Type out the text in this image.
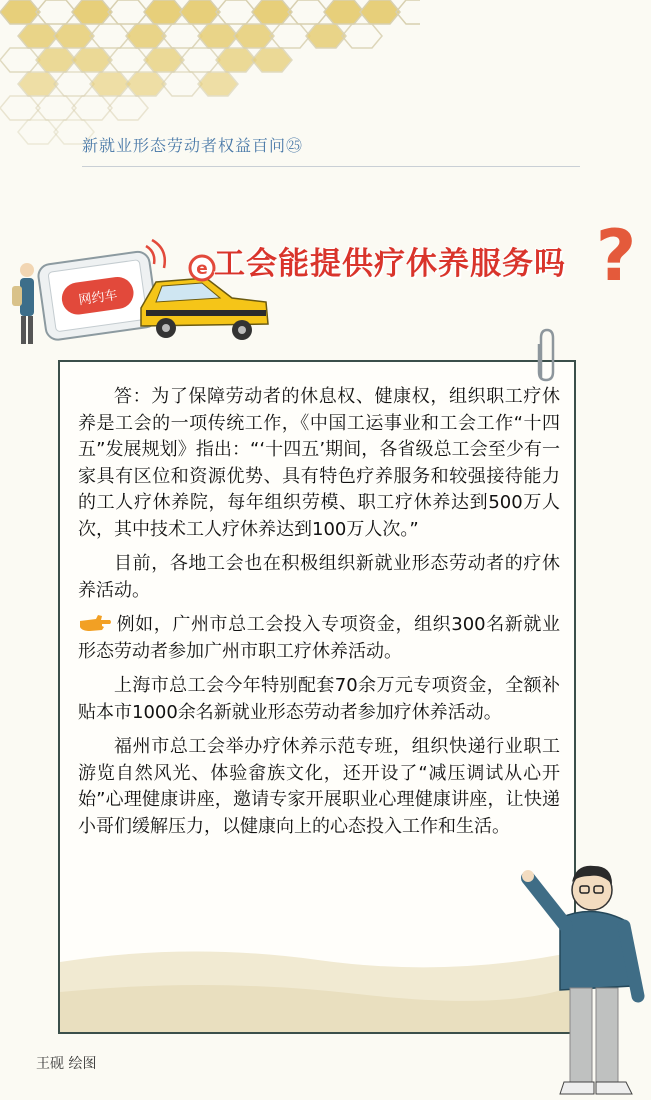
新就业形态劳动者权益百问㉕
网约车
e 工会能提供疗休养服务吗 ?

答：为了保障劳动者的休息权、健康权，组织职工疗休养是工会的一项传统工作，《中国工运事业和工会工作“十四五”发展规划》指出：“‘十四五’期间，各省级总工会至少有一家具有区位和资源优势、具有特色疗养服务和较强接待能力的工人疗休养院，每年组织劳模、职工疗休养达到500万人次，其中技术工人疗休养达到100万人次。”

目前，各地工会也在积极组织新就业形态劳动者的疗休养活动。

例如，广州市总工会投入专项资金，组织300名新就业形态劳动者参加广州市职工疗休养活动。

上海市总工会今年特别配套70余万元专项资金，全额补贴本市1000余名新就业形态劳动者参加疗休养活动。

福州市总工会举办疗休养示范专班，组织快递行业职工游览自然风光、体验畲族文化，还开设了“减压调试从心开始”心理健康讲座，邀请专家开展职业心理健康讲座，让快递小哥们缓解压力，以健康向上的心态投入工作和生活。

王砚 绘图
